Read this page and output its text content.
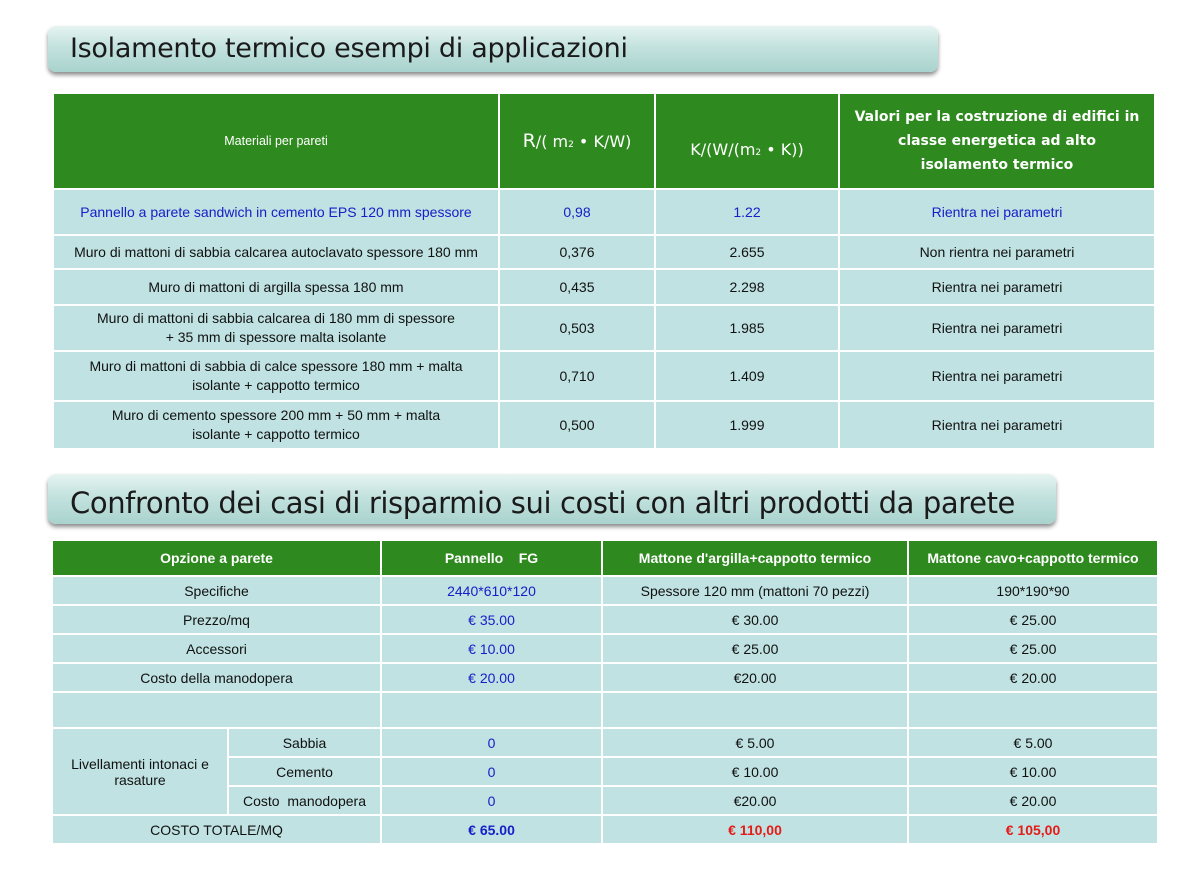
Isolamento termico esempi di applicazioni
Materiali per pareti	R/( m2 • K/W)	K/(W/(m2 • K))	Valori per la costruzione di edifici in classe energetica ad alto isolamento termico
Pannello a parete sandwich in cemento EPS 120 mm spessore	0,98	1.22	Rientra nei parametri
Muro di mattoni di sabbia calcarea autoclavato spessore 180 mm	0,376	2.655	Non rientra nei parametri
Muro di mattoni di argilla spessa 180 mm	0,435	2.298	Rientra nei parametri

Muro di mattoni di sabbia calcarea di 180 mm di spessore
+ 35 mm di spessore malta isolante	0,503	1.985	Rientra nei parametri

Muro di mattoni di sabbia di calce spessore 180 mm + malta
isolante + cappotto termico	0,710	1.409	Rientra nei parametri

Muro di cemento spessore 200 mm + 50 mm + malta
isolante + cappotto termico	0,500	1.999	Rientra nei parametri
Confronto dei casi di risparmio sui costi con altri prodotti da parete
Opzione a parete		Pannello    FG	Mattone d'argilla+cappotto termico	Mattone cavo+cappotto termico
Specifiche		2440*610*120	Spessore 120 mm (mattoni 70 pezzi)	190*190*90
Prezzo/mq		€ 35.00	€ 30.00	€ 25.00
Accessori		€ 10.00	€ 25.00	€ 25.00
Costo della manodopera		€ 20.00	€20.00	€ 20.00

Livellamenti intonaci e rasature	Sabbia	0	€ 5.00	€ 5.00
	Cemento	0	€ 10.00	€ 10.00
	Costo  manodopera	0	€20.00	€ 20.00
COSTO TOTALE/MQ		€ 65.00	€ 110,00	€ 105,00
